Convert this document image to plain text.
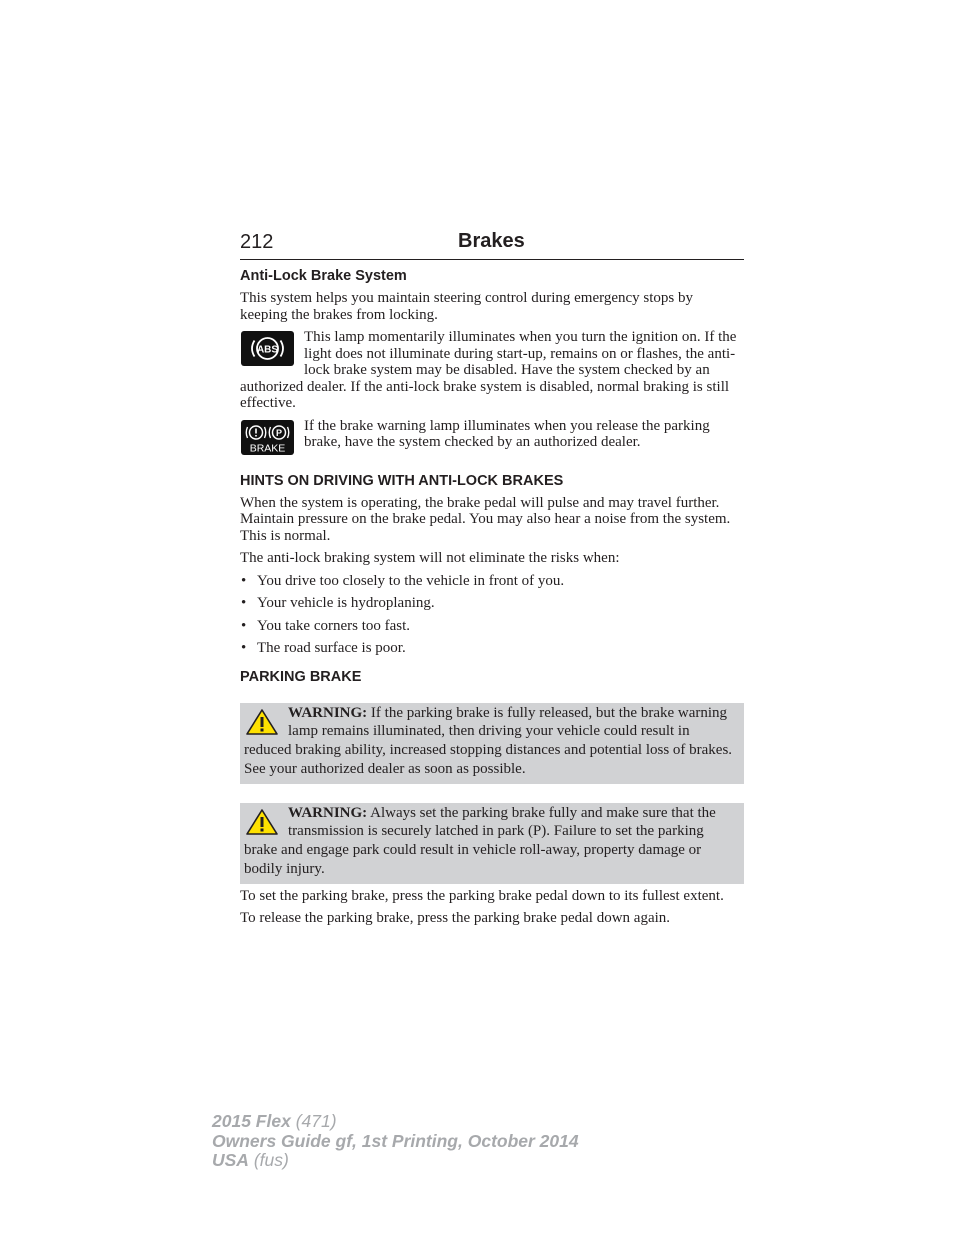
212	Brakes
Anti-Lock Brake System

This system helps you maintain steering control during emergency stops by keeping the brakes from locking.

ABS

This lamp momentarily illuminates when you turn the ignition on. If the light does not illuminate during start-up, remains on or flashes, the anti-lock brake system may be disabled. Have the system checked by an authorized dealer. If the anti-lock brake system is disabled, normal braking is still effective.

P
BRAKE

If the brake warning lamp illuminates when you release the parking brake, have the system checked by an authorized dealer.

HINTS ON DRIVING WITH ANTI-LOCK BRAKES

When the system is operating, the brake pedal will pulse and may travel further. Maintain pressure on the brake pedal. You may also hear a noise from the system. This is normal.

The anti-lock braking system will not eliminate the risks when:

• You drive too closely to the vehicle in front of you.
• Your vehicle is hydroplaning.
• You take corners too fast.
• The road surface is poor.
PARKING BRAKE

WARNING: If the parking brake is fully released, but the brake warning lamp remains illuminated, then driving your vehicle could result in reduced braking ability, increased stopping distances and potential loss of brakes. See your authorized dealer as soon as possible.

WARNING: Always set the parking brake fully and make sure that the transmission is securely latched in park (P). Failure to set the parking brake and engage park could result in vehicle roll-away, property damage or bodily injury.

To set the parking brake, press the parking brake pedal down to its fullest extent.

To release the parking brake, press the parking brake pedal down again.

2015 Flex (471)
Owners Guide gf, 1st Printing, October 2014
USA (fus)
